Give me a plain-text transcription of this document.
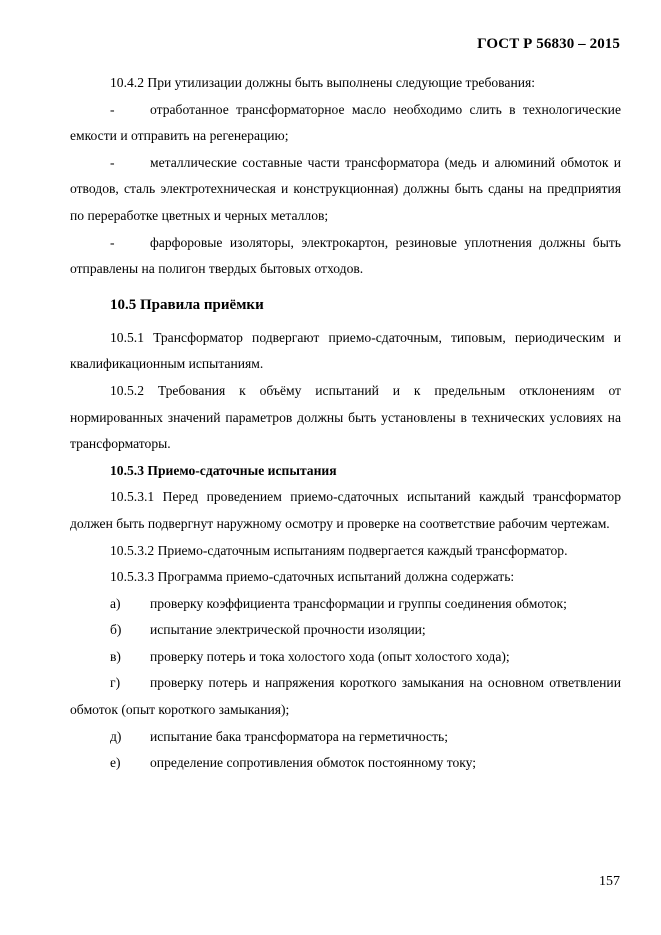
ГОСТ Р 56830 – 2015

10.4.2 При утилизации должны быть выполнены следующие требования:

-	отработанное трансформаторное масло необходимо слить в технологические емкости и отправить на регенерацию;

-	металлические составные части трансформатора (медь и алюминий обмоток и отводов, сталь электротехническая и конструкционная) должны быть сданы на предприятия по переработке цветных и черных металлов;

-	фарфоровые изоляторы, электрокартон, резиновые уплотнения должны быть отправлены на полигон твердых бытовых отходов.

10.5 Правила приёмки

10.5.1 Трансформатор подвергают приемо-сдаточным, типовым, периодическим и квалификационным испытаниям.

10.5.2 Требования к объёму испытаний и к предельным отклонениям от нормированных значений параметров должны быть установлены в технических условиях на трансформаторы.

10.5.3 Приемо-сдаточные испытания

10.5.3.1 Перед проведением приемо-сдаточных испытаний каждый трансформатор должен быть подвергнут наружному осмотру и проверке на соответствие рабочим чертежам.

10.5.3.2 Приемо-сдаточным испытаниям подвергается каждый трансформатор.

10.5.3.3 Программа приемо-сдаточных испытаний должна содержать:

а) проверку коэффициента трансформации и группы соединения обмоток;

б) испытание электрической прочности изоляции;

в) проверку потерь и тока холостого хода (опыт холостого хода);

г) проверку потерь и напряжения короткого замыкания на основном ответвлении обмоток (опыт короткого замыкания);

д) испытание бака трансформатора на герметичность;

е) определение сопротивления обмоток постоянному току;

157
